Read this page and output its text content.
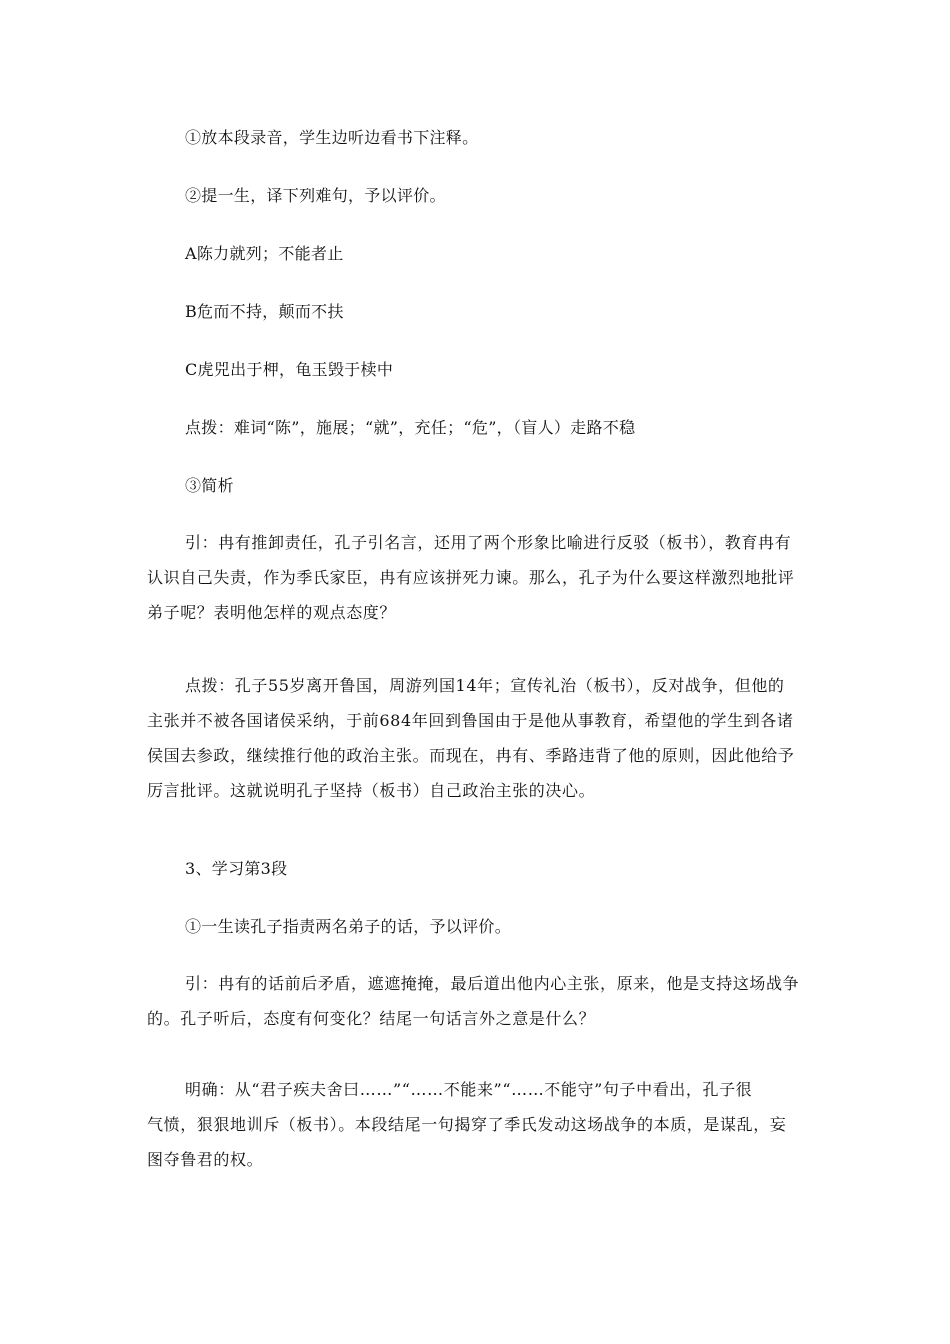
①放本段录音，学生边听边看书下注释。
②提一生，译下列难句，予以评价。
A陈力就列；不能者止
B危而不持，颠而不扶
C虎兕出于柙，龟玉毁于椟中
点拨：难词“陈”，施展；“就”，充任；“危”，（盲人）走路不稳
③简析
引：冉有推卸责任，孔子引名言，还用了两个形象比喻进行反驳（板书），教育冉有
认识自己失责，作为季氏家臣，冉有应该拼死力谏。那么，孔子为什么要这样激烈地批评
弟子呢？表明他怎样的观点态度？
点拨：孔子55岁离开鲁国，周游列国14年；宣传礼治（板书），反对战争，但他的
主张并不被各国诸侯采纳，于前684年回到鲁国由于是他从事教育，希望他的学生到各诸
侯国去参政，继续推行他的政治主张。而现在，冉有、季路违背了他的原则，因此他给予
厉言批评。这就说明孔子坚持（板书）自己政治主张的决心。
3、学习第3段
①一生读孔子指责两名弟子的话，予以评价。
引：冉有的话前后矛盾，遮遮掩掩，最后道出他内心主张，原来，他是支持这场战争
的。孔子听后，态度有何变化？结尾一句话言外之意是什么？
明确：从“君子疾夫舍曰……”“……不能来”“……不能守”句子中看出，孔子很
气愤，狠狠地训斥（板书）。本段结尾一句揭穿了季氏发动这场战争的本质，是谋乱，妄
图夺鲁君的权。
